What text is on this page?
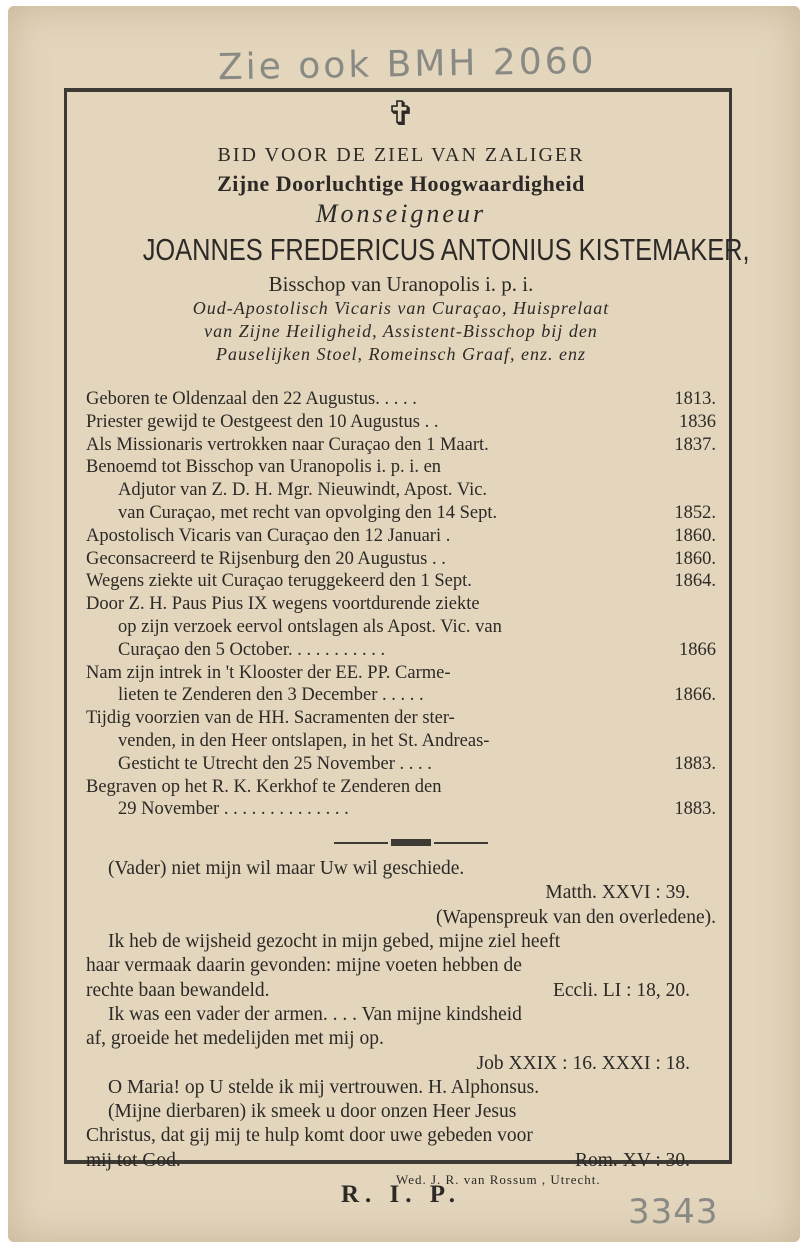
Zie ook BMH 2060
✞
BID VOOR DE ZIEL VAN ZALIGER
Zijne Doorluchtige Hoogwaardigheid
Monseigneur
JOANNES FREDERICUS ANTONIUS KISTEMAKER,
Bisschop van Uranopolis i. p. i.
Oud-Apostolisch Vicaris van Curaçao, Huisprelaat
van Zijne Heiligheid, Assistent-Bisschop bij den
Pauselijken Stoel, Romeinsch Graaf, enz. enz
Geboren te Oldenzaal den 22 Augustus. . . . .	1813.
Priester gewijd te Oestgeest den 10 Augustus . .	1836
Als Missionaris vertrokken naar Curaçao den 1 Maart.	1837.
Benoemd tot Bisschop van Uranopolis i. p. i. en
Adjutor van Z. D. H. Mgr. Nieuwindt, Apost. Vic.
van Curaçao, met recht van opvolging den 14 Sept.	1852.
Apostolisch Vicaris van Curaçao den 12 Januari .	1860.
Geconsacreerd te Rijsenburg den 20 Augustus . .	1860.
Wegens ziekte uit Curaçao teruggekeerd den 1 Sept.	1864.
Door Z. H. Paus Pius IX wegens voortdurende ziekte
op zijn verzoek eervol ontslagen als Apost. Vic. van
Curaçao den 5 October. . . . . . . . . . .	1866
Nam zijn intrek in 't Klooster der EE. PP. Carme-
lieten te Zenderen den 3 December . . . . .	1866.
Tijdig voorzien van de HH. Sacramenten der ster-
venden, in den Heer ontslapen, in het St. Andreas-
Gesticht te Utrecht den 25 November . . . .	1883.
Begraven op het R. K. Kerkhof te Zenderen den
29 November . . . . . . . . . . . . . .	1883.
(Vader) niet mijn wil maar Uw wil geschiede.
Matth. XXVI : 39.
(Wapenspreuk van den overledene).
Ik heb de wijsheid gezocht in mijn gebed, mijne ziel heeft
haar vermaak daarin gevonden: mijne voeten hebben de
rechte baan bewandeld.	Eccli. LI : 18, 20.
Ik was een vader der armen. . . . Van mijne kindsheid
af, groeide het medelijden met mij op.
Job XXIX : 16. XXXI : 18.
O Maria! op U stelde ik mij vertrouwen. H. Alphonsus.
(Mijne dierbaren) ik smeek u door onzen Heer Jesus
Christus, dat gij mij te hulp komt door uwe gebeden voor
mij tot God.	Rom. XV : 30.
R. I. P.
Wed. J. R. van Rossum , Utrecht.
3343
